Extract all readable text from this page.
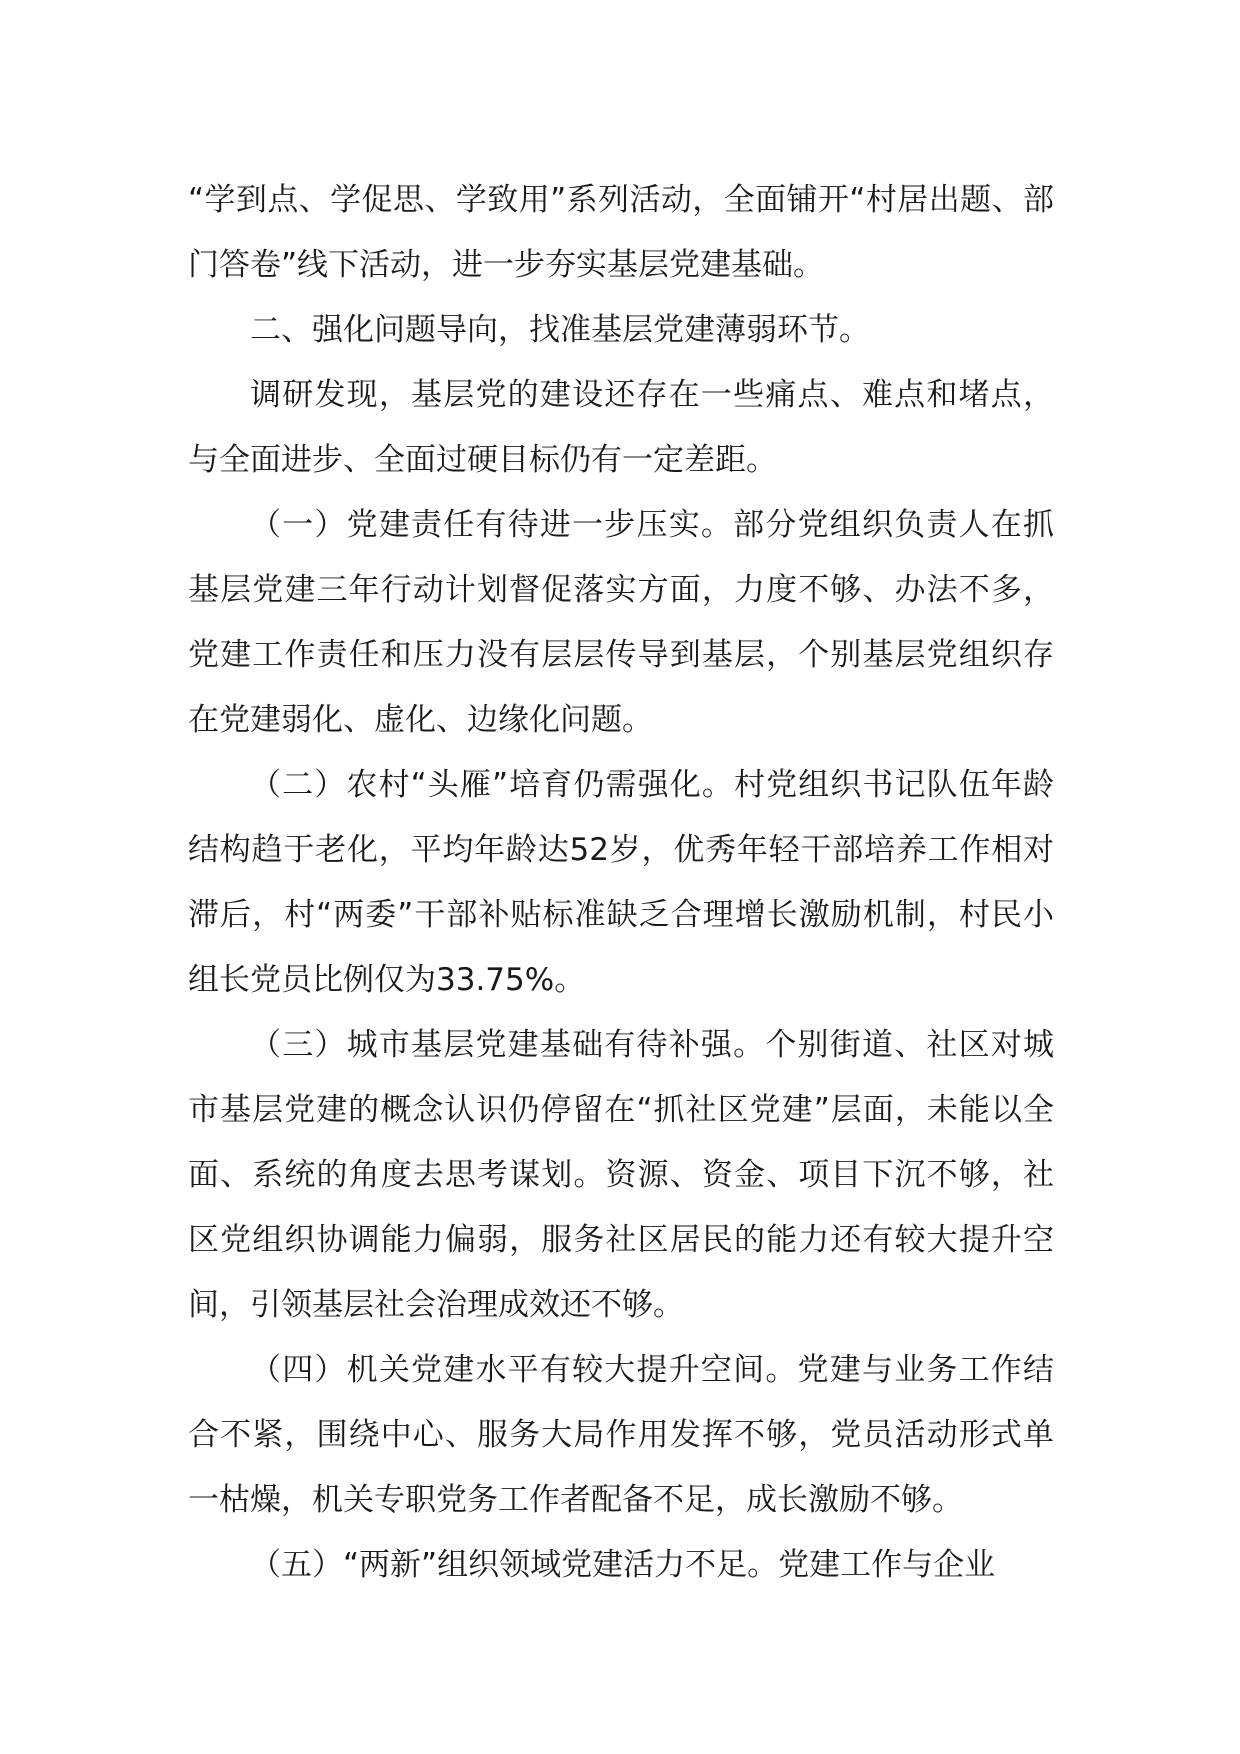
“学到点、学促思、学致用”系列活动，全面铺开“村居出题、部门答卷”线下活动，进一步夯实基层党建基础。

二、强化问题导向，找准基层党建薄弱环节。

调研发现，基层党的建设还存在一些痛点、难点和堵点，与全面进步、全面过硬目标仍有一定差距。

（一）党建责任有待进一步压实。部分党组织负责人在抓基层党建三年行动计划督促落实方面，力度不够、办法不多，党建工作责任和压力没有层层传导到基层，个别基层党组织存在党建弱化、虚化、边缘化问题。

（二）农村“头雁”培育仍需强化。村党组织书记队伍年龄结构趋于老化，平均年龄达52岁，优秀年轻干部培养工作相对滞后，村“两委”干部补贴标准缺乏合理增长激励机制，村民小组长党员比例仅为33.75%。

（三）城市基层党建基础有待补强。个别街道、社区对城市基层党建的概念认识仍停留在“抓社区党建”层面，未能以全面、系统的角度去思考谋划。资源、资金、项目下沉不够，社区党组织协调能力偏弱，服务社区居民的能力还有较大提升空间，引领基层社会治理成效还不够。

（四）机关党建水平有较大提升空间。党建与业务工作结合不紧，围绕中心、服务大局作用发挥不够，党员活动形式单一枯燥，机关专职党务工作者配备不足，成长激励不够。

（五）“两新”组织领域党建活力不足。党建工作与企业
